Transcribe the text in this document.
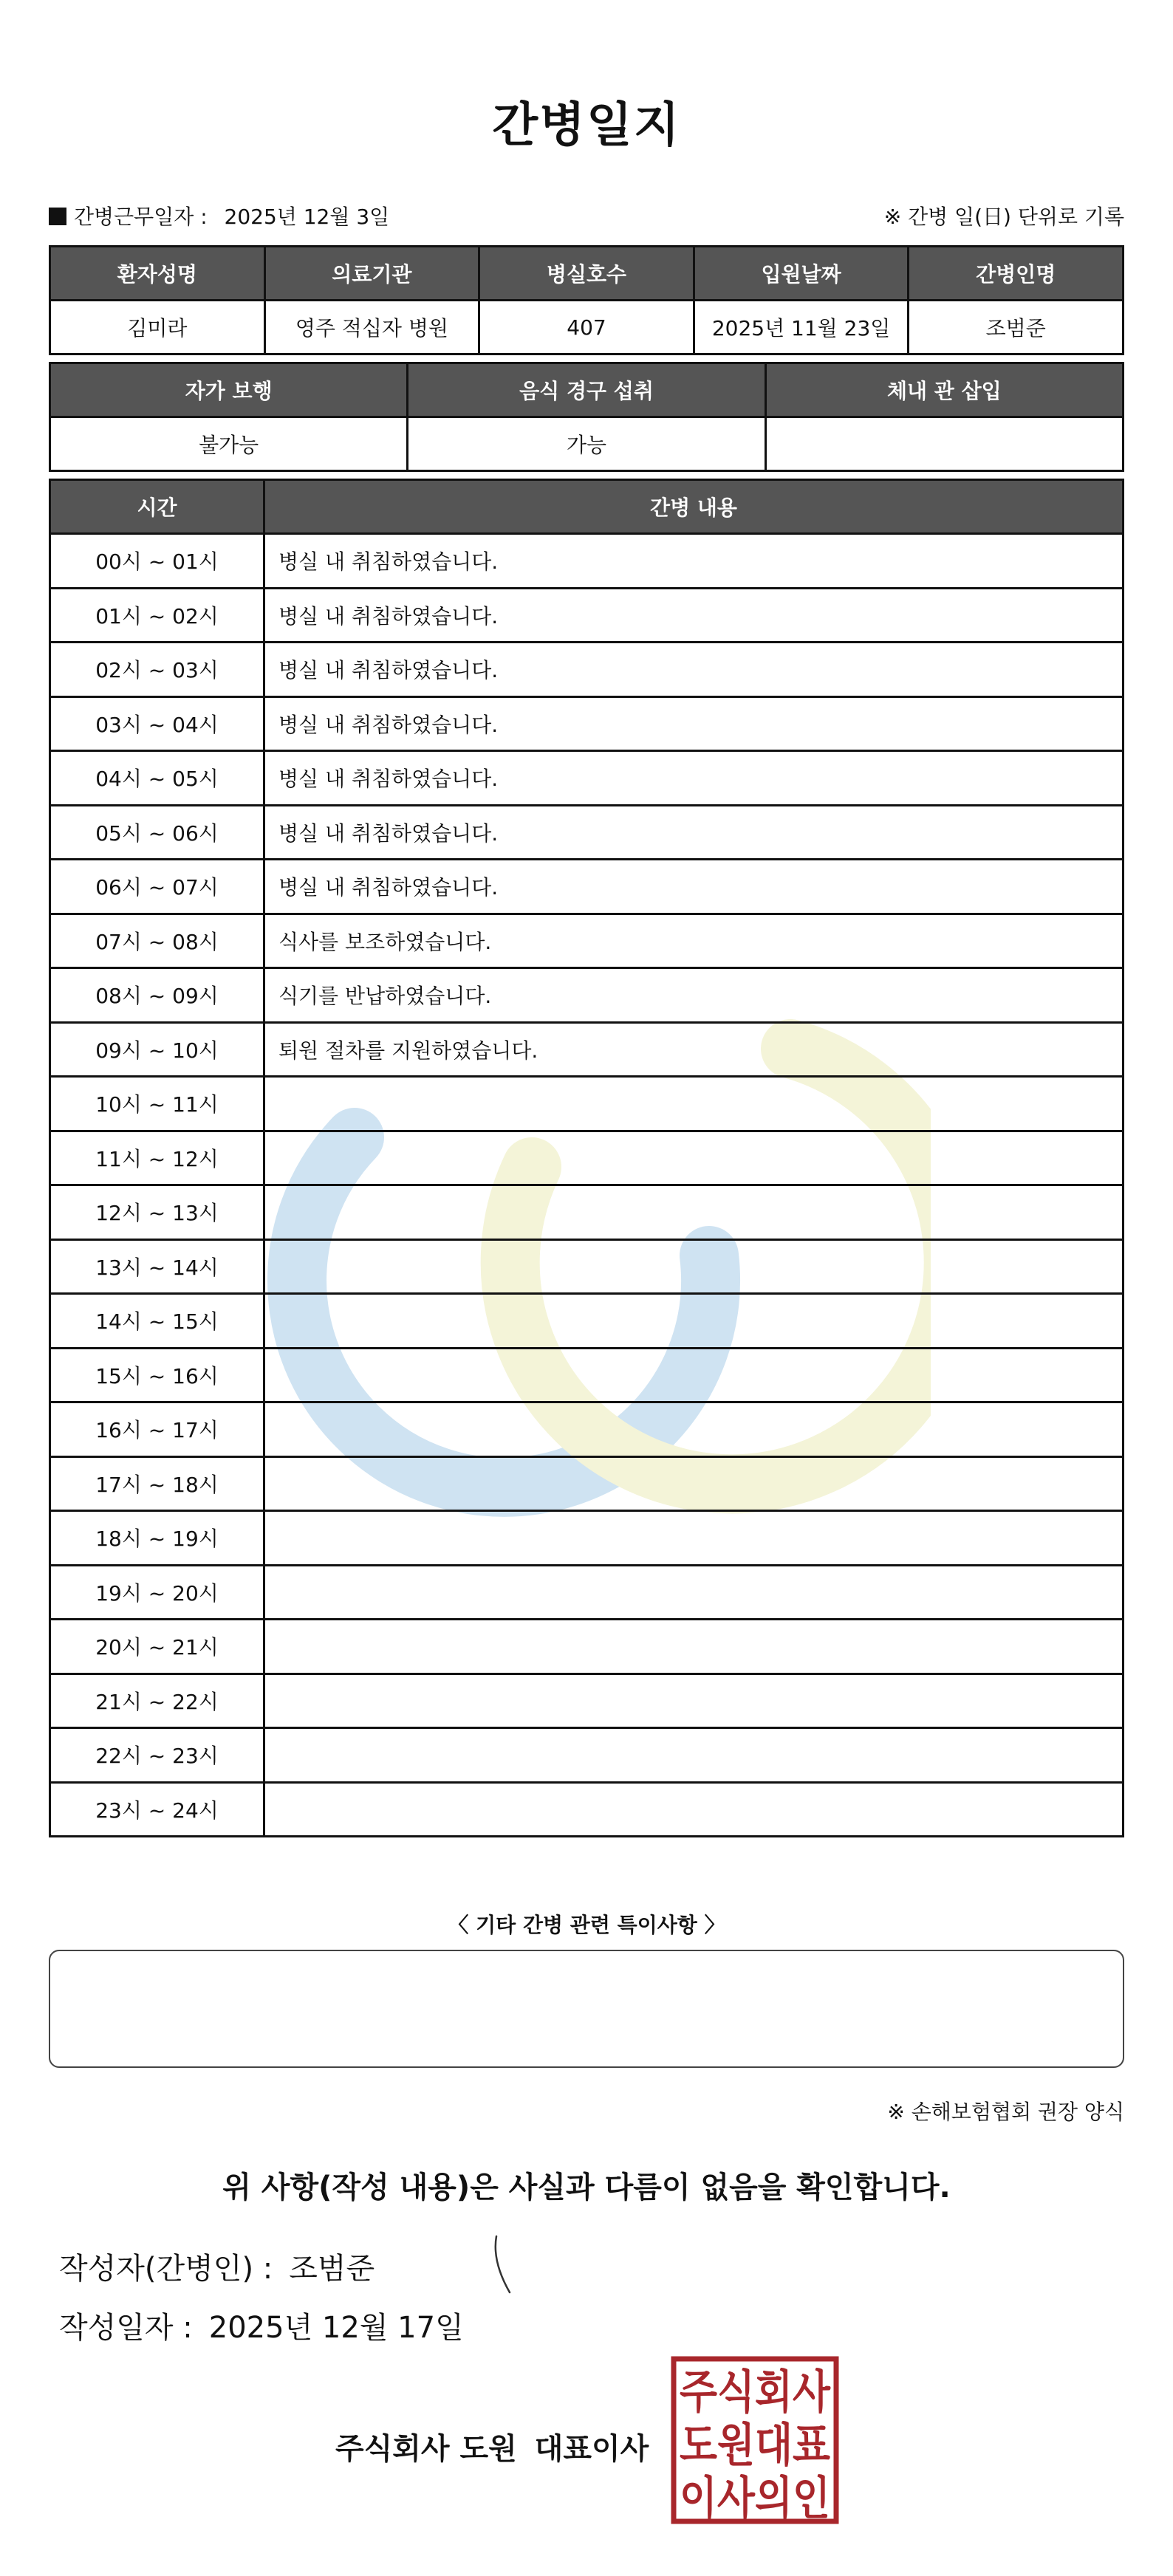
간병일지
간병근무일자 : 2025년 12월 3일	※ 간병 일(日) 단위로 기록
환자성명	의료기관	병실호수	입원날짜	간병인명
김미라	영주 적십자 병원	407	2025년 11월 23일	조범준
자가 보행	음식 경구 섭취	체내 관 삽입
불가능	가능	
시간	간병 내용
00시 ~ 01시	병실 내 취침하였습니다.
01시 ~ 02시	병실 내 취침하였습니다.
02시 ~ 03시	병실 내 취침하였습니다.
03시 ~ 04시	병실 내 취침하였습니다.
04시 ~ 05시	병실 내 취침하였습니다.
05시 ~ 06시	병실 내 취침하였습니다.
06시 ~ 07시	병실 내 취침하였습니다.
07시 ~ 08시	식사를 보조하였습니다.
08시 ~ 09시	식기를 반납하였습니다.
09시 ~ 10시	퇴원 절차를 지원하였습니다.
10시 ~ 11시	
11시 ~ 12시	
12시 ~ 13시	
13시 ~ 14시	
14시 ~ 15시	
15시 ~ 16시	
16시 ~ 17시	
17시 ~ 18시	
18시 ~ 19시	
19시 ~ 20시	
20시 ~ 21시	
21시 ~ 22시	
22시 ~ 23시	
23시 ~ 24시	
〈 기타 간병 관련 특이사항 〉
※ 손해보험협회 권장 양식
위 사항(작성 내용)은 사실과 다름이 없음을 확인합니다.
작성자(간병인) : 조범준
작성일자 : 2025년 12월 17일
주식회사 도원 대표이사
주식회사
도원대표
이사의인
